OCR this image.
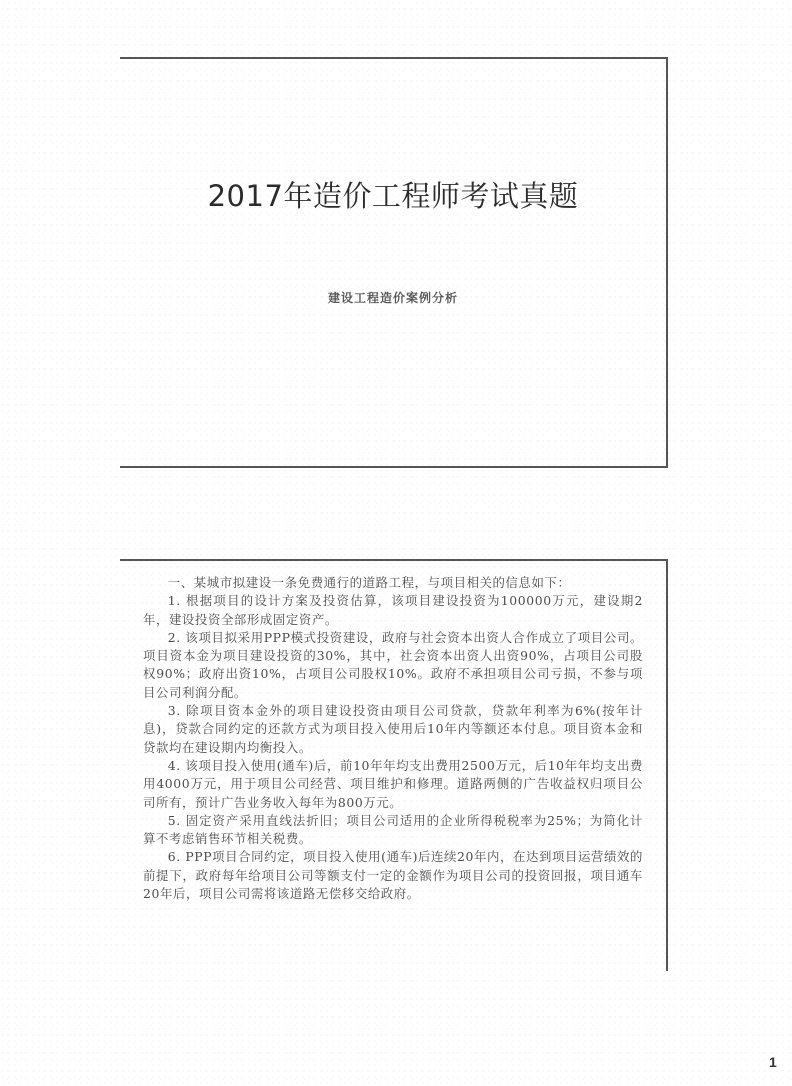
2017年造价工程师考试真题
建设工程造价案例分析

一、某城市拟建设一条免费通行的道路工程，与项目相关的信息如下：

1. 根据项目的设计方案及投资估算，该项目建设投资为100000万元，建设期2年，建设投资全部形成固定资产。

2. 该项目拟采用PPP模式投资建设，政府与社会资本出资人合作成立了项目公司。项目资本金为项目建设投资的30%，其中，社会资本出资人出资90%，占项目公司股权90%；政府出资10%，占项目公司股权10%。政府不承担项目公司亏损，不参与项目公司利润分配。

3. 除项目资本金外的项目建设投资由项目公司贷款，贷款年利率为6%(按年计息)，贷款合同约定的还款方式为项目投入使用后10年内等额还本付息。项目资本金和贷款均在建设期内均衡投入。

4. 该项目投入使用(通车)后，前10年年均支出费用2500万元，后10年年均支出费用4000万元，用于项目公司经营、项目维护和修理。道路两侧的广告收益权归项目公司所有，预计广告业务收入每年为800万元。

5. 固定资产采用直线法折旧；项目公司适用的企业所得税税率为25%；为简化计算不考虑销售环节相关税费。

6. PPP项目合同约定，项目投入使用(通车)后连续20年内，在达到项目运营绩效的前提下，政府每年给项目公司等额支付一定的金额作为项目公司的投资回报，项目通车20年后，项目公司需将该道路无偿移交给政府。

1
